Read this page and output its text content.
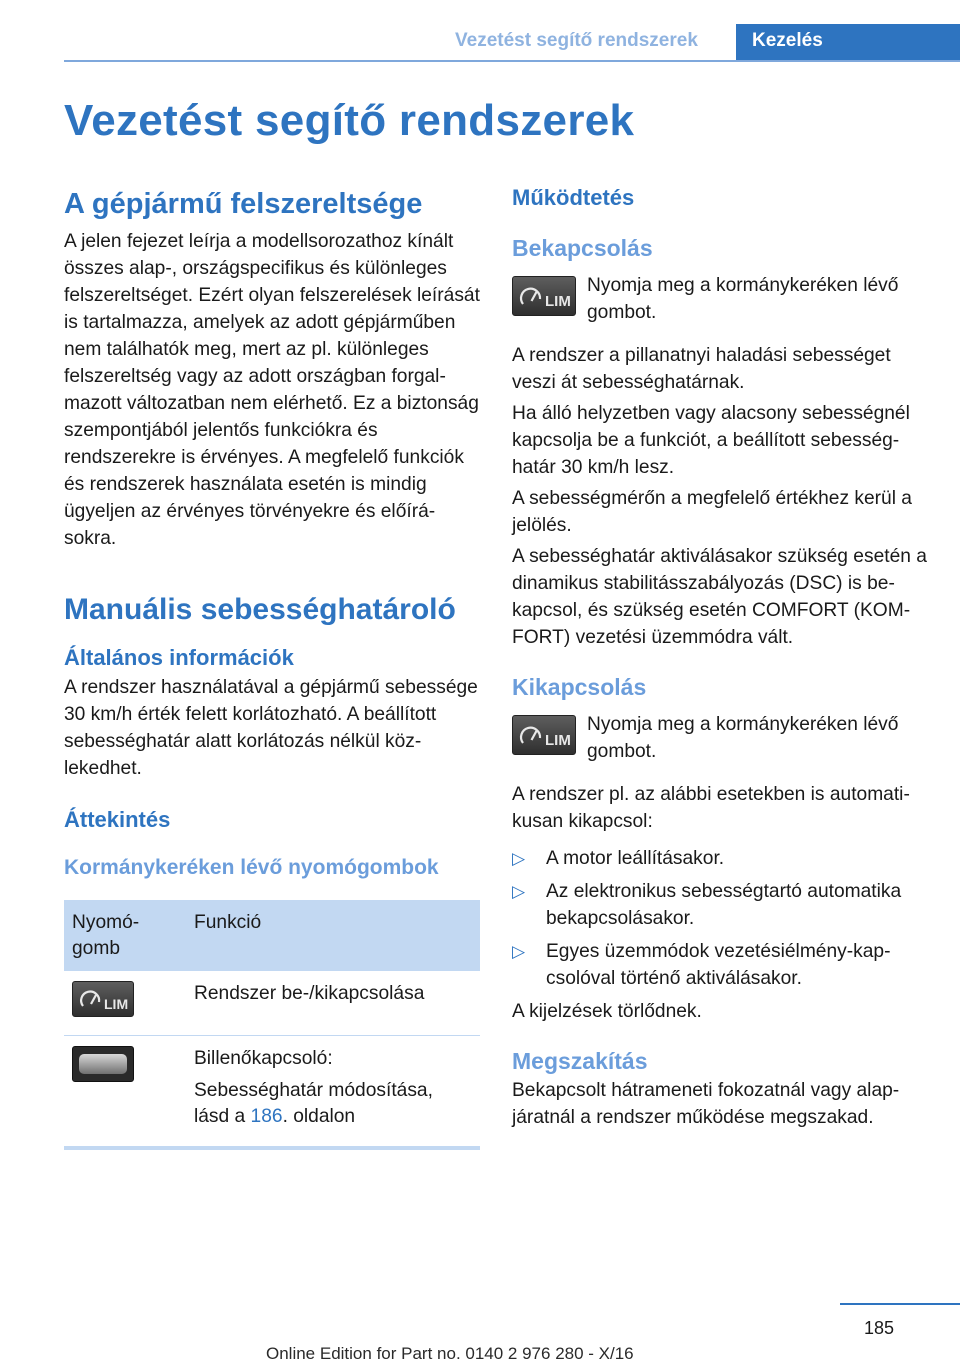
Vezetést segítő rendszerek	Kezelés
Vezetést segítő rendszerek
A gépjármű felszereltsége

A jelen fejezet leírja a modellsorozathoz kínált összes alap-, országspecifikus és különleges felszereltséget. Ezért olyan felszerelések leírását is tartalmazza, amelyek az adott gépjárműben nem találhatók meg, mert az pl. különleges felszereltség vagy az adott országban forgalmazott változatban nem elérhető. Ez a biztonság szempontjából jelentős funkciókra és rendszerekre is érvényes. A megfelelő funkciók és rendszerek használata esetén is mindig ügyeljen az érvényes törvényekre és előírásokra.

Manuális sebességhatároló
Általános információk

A rendszer használatával a gépjármű sebessége 30 km/h érték felett korlátozható. A beállított sebességhatár alatt korlátozás nélkül közlekedhet.

Áttekintés
Kormánykeréken lévő nyomógombok
Nyomó-gomb	Funkció

LIM	Rendszer be-/kikapcsolása

	Billenőkapcsoló:
Sebességhatár módosítása, lásd a 186. oldalon
Működtetés
Bekapcsolás
LIM

Nyomja meg a kormánykeréken lévő gombot.

A rendszer a pillanatnyi haladási sebességet veszi át sebességhatárnak.

Ha álló helyzetben vagy alacsony sebességnél kapcsolja be a funkciót, a beállított sebességhatár 30 km/h lesz.

A sebességmérőn a megfelelő értékhez kerül a jelölés.

A sebességhatár aktiválásakor szükség esetén a dinamikus stabilitásszabályozás (DSC) is bekapcsol, és szükség esetén COMFORT (KOMFORT) vezetési üzemmódra vált.

Kikapcsolás
LIM

Nyomja meg a kormánykeréken lévő gombot.

A rendszer pl. az alábbi esetekben is automatikusan kikapcsol:

▷ A motor leállításakor.
▷ Az elektronikus sebességtartó automatika bekapcsolásakor.
▷ Egyes üzemmódok vezetésiélmény-kapcsolóval történő aktiválásakor.

A kijelzések törlődnek.

Megszakítás

Bekapcsolt hátrameneti fokozatnál vagy alapjáratnál a rendszer működése megszakad.

185
Online Edition for Part no. 0140 2 976 280 - X/16
